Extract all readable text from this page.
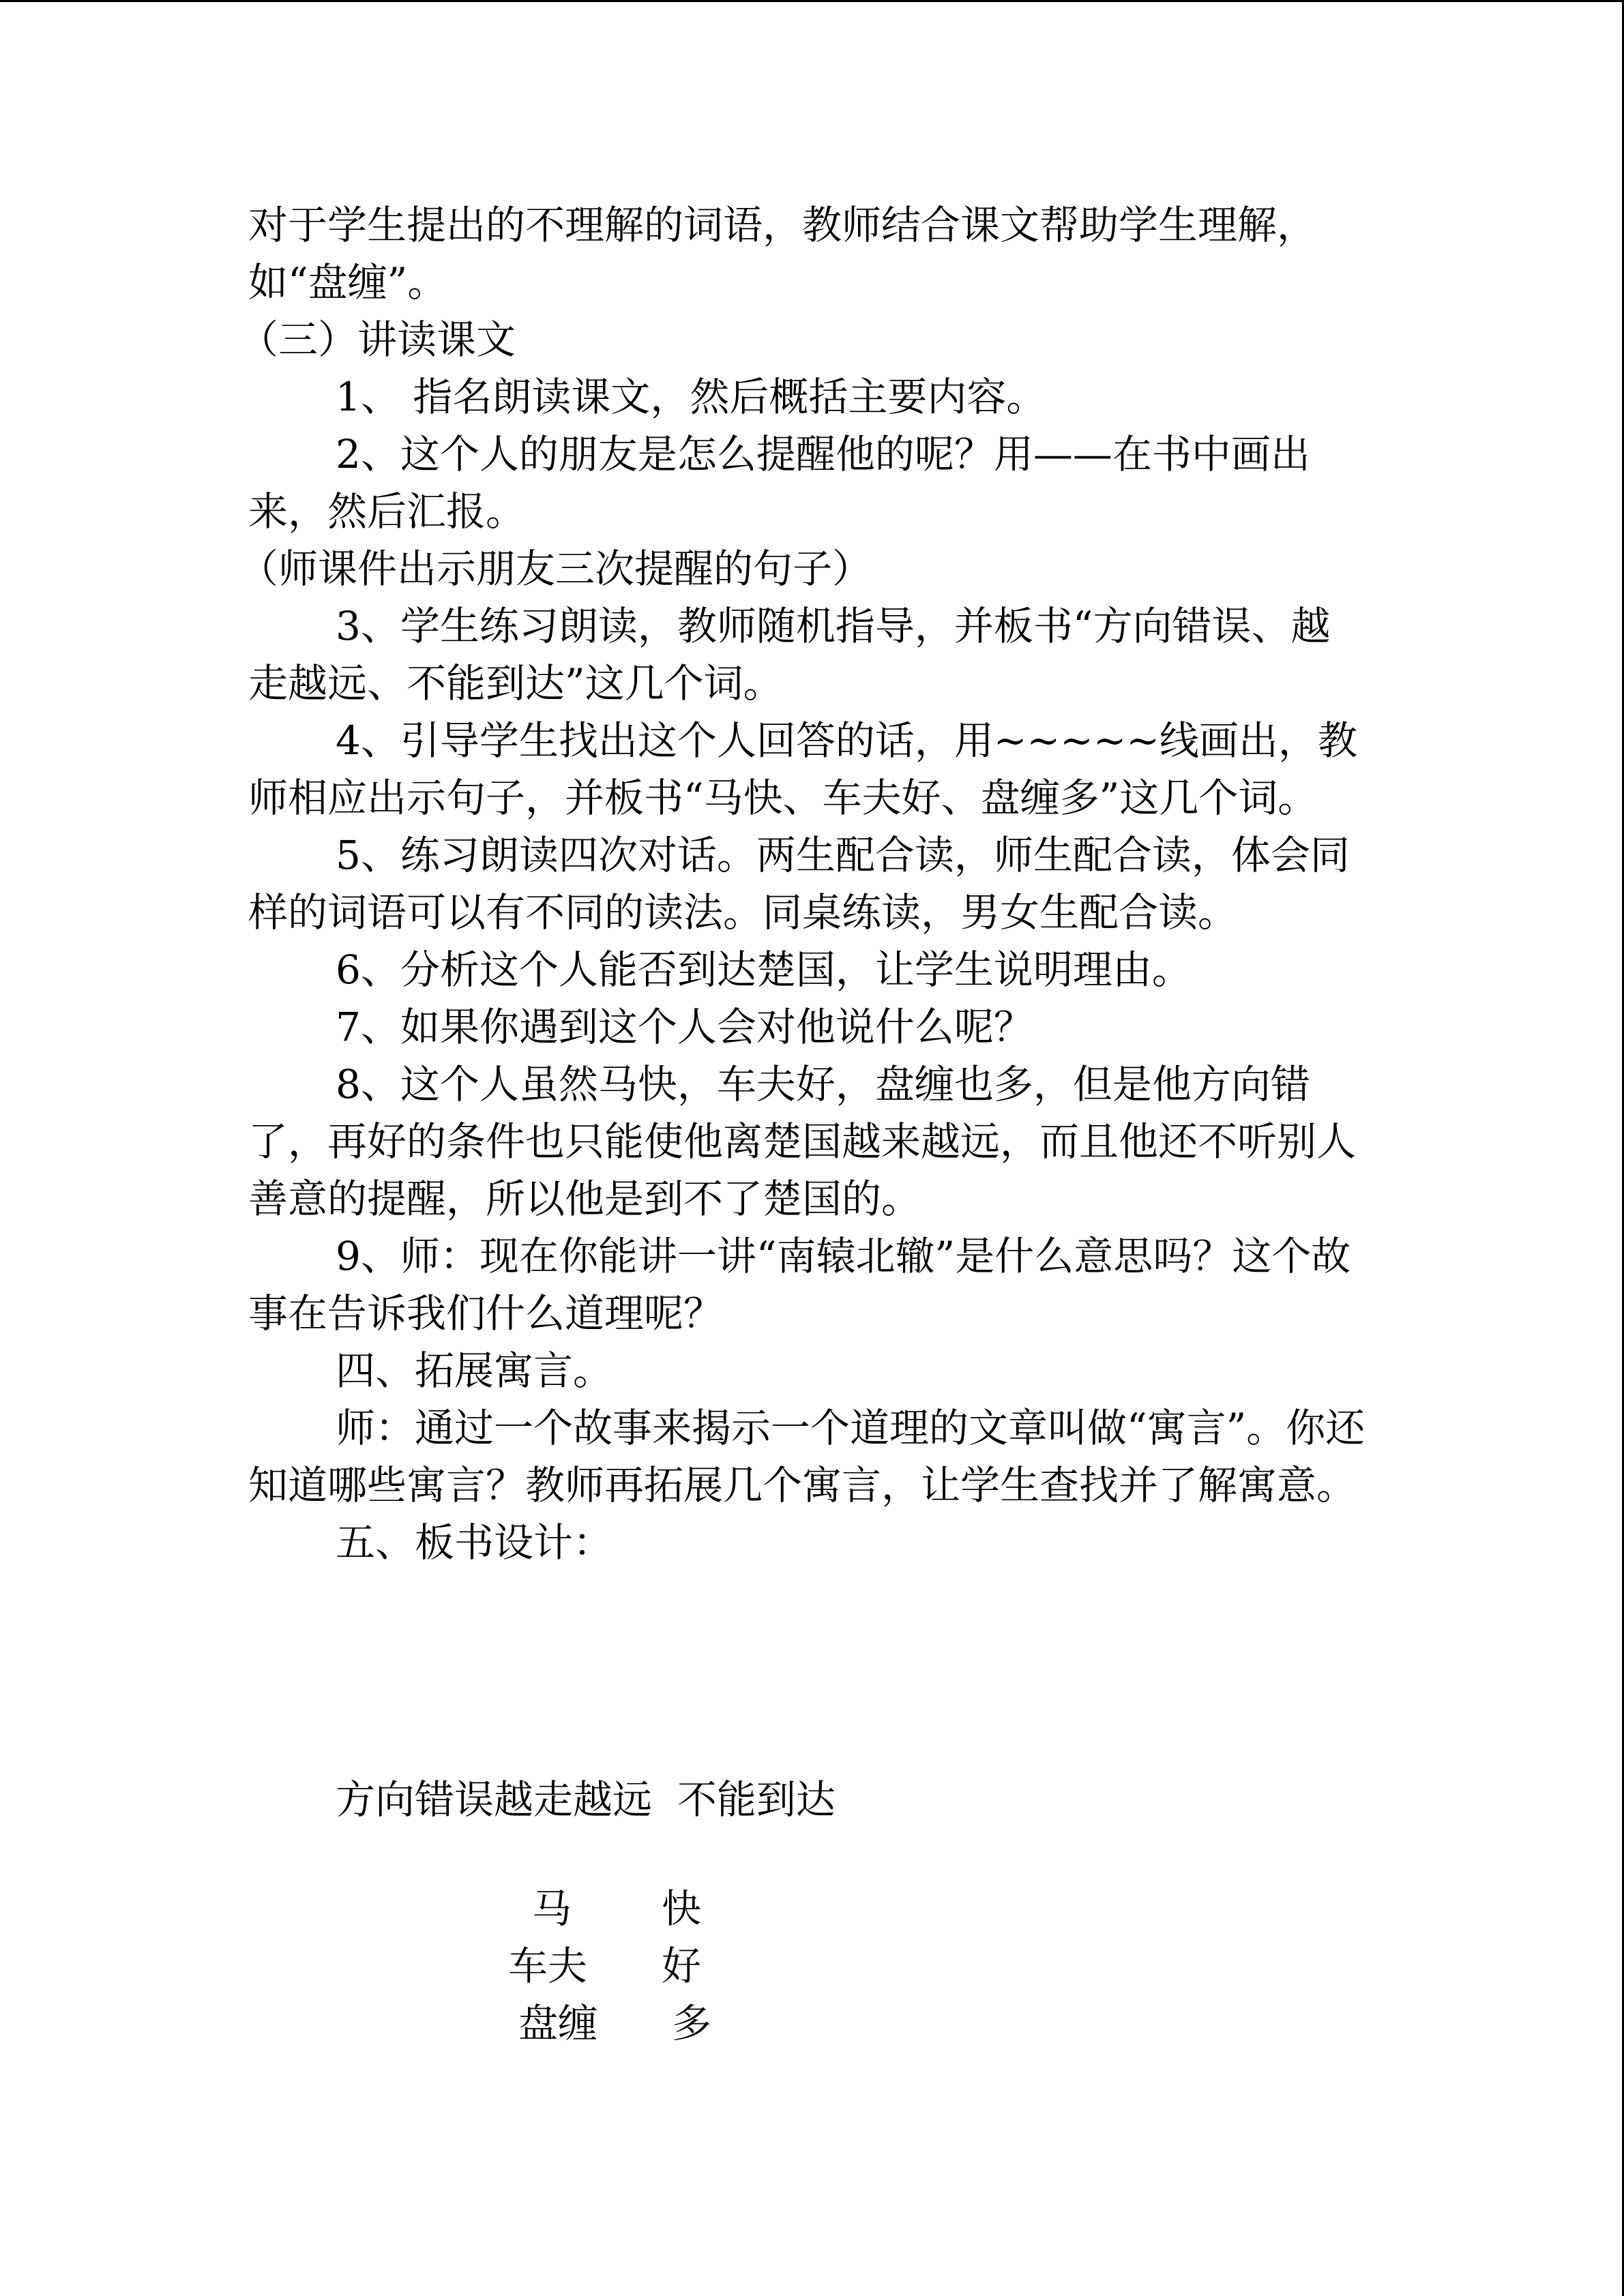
对于学生提出的不理解的词语，教师结合课文帮助学生理解，如“盘缠”。

（三）讲读课文

1、 指名朗读课文，然后概括主要内容。

2、这个人的朋友是怎么提醒他的呢？用——在书中画出来，然后汇报。

（师课件出示朋友三次提醒的句子）

3、学生练习朗读，教师随机指导，并板书“方向错误、越走越远、不能到达”这几个词。

4、引导学生找出这个人回答的话，用~~~~~线画出，教师相应出示句子，并板书“马快、车夫好、盘缠多”这几个词。

5、练习朗读四次对话。两生配合读，师生配合读，体会同样的词语可以有不同的读法。同桌练读，男女生配合读。

6、分析这个人能否到达楚国，让学生说明理由。

7、如果你遇到这个人会对他说什么呢？

8、这个人虽然马快，车夫好，盘缠也多，但是他方向错了，再好的条件也只能使他离楚国越来越远，而且他还不听别人善意的提醒，所以他是到不了楚国的。

9、师：现在你能讲一讲“南辕北辙”是什么意思吗？这个故事在告诉我们什么道理呢？

四、拓展寓言。

师：通过一个故事来揭示一个道理的文章叫做“寓言”。你还知道哪些寓言？教师再拓展几个寓言，让学生查找并了解寓意。

五、板书设计：

方向错误越走越远  不能到达
马 快
车夫 好
盘缠 多
